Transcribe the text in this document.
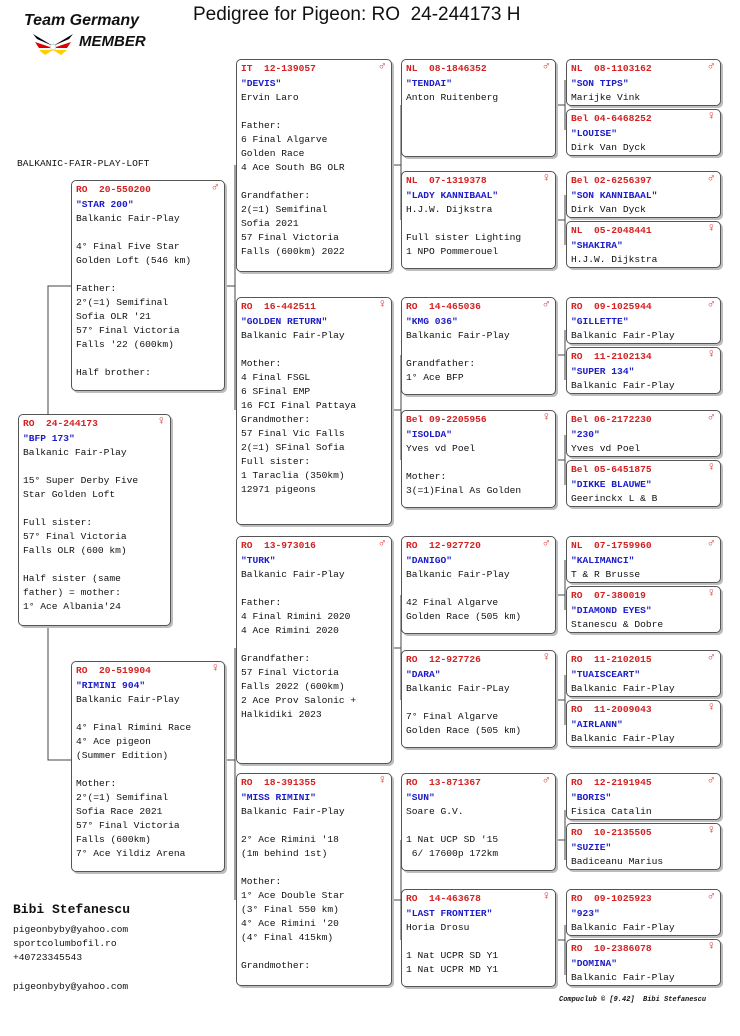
Team Germany
MEMBER
Pedigree for Pigeon: RO  24-244173 H
BALKANIC-FAIR-PLAY-LOFT
RO  24-244173	♀
"BFP 173"
Balkanic Fair-Play
15° Super Derby Five
Star Golden Loft
Full sister:
57° Final Victoria
Falls OLR (600 km)
Half sister (same
father) = mother:
1° Ace Albania'24
RO  20-550200	♂
"STAR 200"
Balkanic Fair-Play
4° Final Five Star
Golden Loft (546 km)
Father:
2°(=1) Semifinal
Sofia OLR '21
57° Final Victoria
Falls '22 (600km)
Half brother:
RO  20-519904	♀
"RIMINI 904"
Balkanic Fair-Play
4° Final Rimini Race
4° Ace pigeon
(Summer Edition)
Mother:
2°(=1) Semifinal
Sofia Race 2021
57° Final Victoria
Falls (600km)
7° Ace Yildiz Arena
IT  12-139057	♂
"DEVIS"
Ervin Laro
Father:
6 Final Algarve
Golden Race
4 Ace South BG OLR
Grandfather:
2(=1) Semifinal
Sofia 2021
57 Final Victoria
Falls (600km) 2022
RO  16-442511	♀
"GOLDEN RETURN"
Balkanic Fair-Play
Mother:
4 Final FSGL
6 SFinal EMP
16 FCI Final Pattaya
Grandmother:
57 Final Vic Falls
2(=1) SFinal Sofia
Full sister:
1 Taraclia (350km)
12971 pigeons
RO  13-973016	♂
"TURK"
Balkanic Fair-Play
Father:
4 Final Rimini 2020
4 Ace Rimini 2020
Grandfather:
57 Final Victoria
Falls 2022 (600km)
2 Ace Prov Salonic +
Halkidiki 2023
RO  18-391355	♀
"MISS RIMINI"
Balkanic Fair-Play
2° Ace Rimini '18
(1m behind 1st)
Mother:
1° Ace Double Star
(3° Final 550 km)
4° Ace Rimini '20
(4° Final 415km)
Grandmother:
NL  08-1846352	♂
"TENDAI"
Anton Ruitenberg
NL  07-1319378	♀
"LADY KANNIBAAL"
H.J.W. Dijkstra
Full sister Lighting
1 NPO Pommerouel
RO  14-465036	♂
"KMG 036"
Balkanic Fair-Play
Grandfather:
1° Ace BFP
Bel 09-2205956	♀
"ISOLDA"
Yves vd Poel
Mother:
3(=1)Final As Golden
RO  12-927720	♂
"DANIGO"
Balkanic Fair-Play
42 Final Algarve
Golden Race (505 km)
RO  12-927726	♀
"DARA"
Balkanic Fair-PLay
7° Final Algarve
Golden Race (505 km)
RO  13-871367	♂
"SUN"
Soare G.V.
1 Nat UCP SD '15
6/ 17600p 172km
RO  14-463678	♀
"LAST FRONTIER"
Horia Drosu
1 Nat UCPR SD Y1
1 Nat UCPR MD Y1
NL  08-1103162	♂
"SON TIPS"
Marijke Vink
Bel 04-6468252	♀
"LOUISE"
Dirk Van Dyck
Bel 02-6256397	♂
"SON KANNIBAAL"
Dirk Van Dyck
NL  05-2048441	♀
"SHAKIRA"
H.J.W. Dijkstra
RO  09-1025944	♂
"GILLETTE"
Balkanic Fair-Play
RO  11-2102134	♀
"SUPER 134"
Balkanic Fair-Play
Bel 06-2172230	♂
"230"
Yves vd Poel
Bel 05-6451875	♀
"DIKKE BLAUWE"
Geerinckx L & B
NL  07-1759960	♂
"KALIMANCI"
T & R Brusse
RO  07-380019	♀
"DIAMOND EYES"
Stanescu & Dobre
RO  11-2102015	♂
"TUAISCEART"
Balkanic Fair-Play
RO  11-2009043	♀
"AIRLANN"
Balkanic Fair-Play
RO  12-2191945	♂
"BORIS"
Fisica Catalin
RO  10-2135505	♀
"SUZIE"
Badiceanu Marius
RO  09-1025923	♂
"923"
Balkanic Fair-Play
RO  10-2386078	♀
"DOMINA"
Balkanic Fair-Play
Bibi Stefanescu
pigeonbyby@yahoo.com
sportcolumbofil.ro
+40723345543
pigeonbyby@yahoo.com
Compuclub © [9.42]  Bibi Stefanescu
